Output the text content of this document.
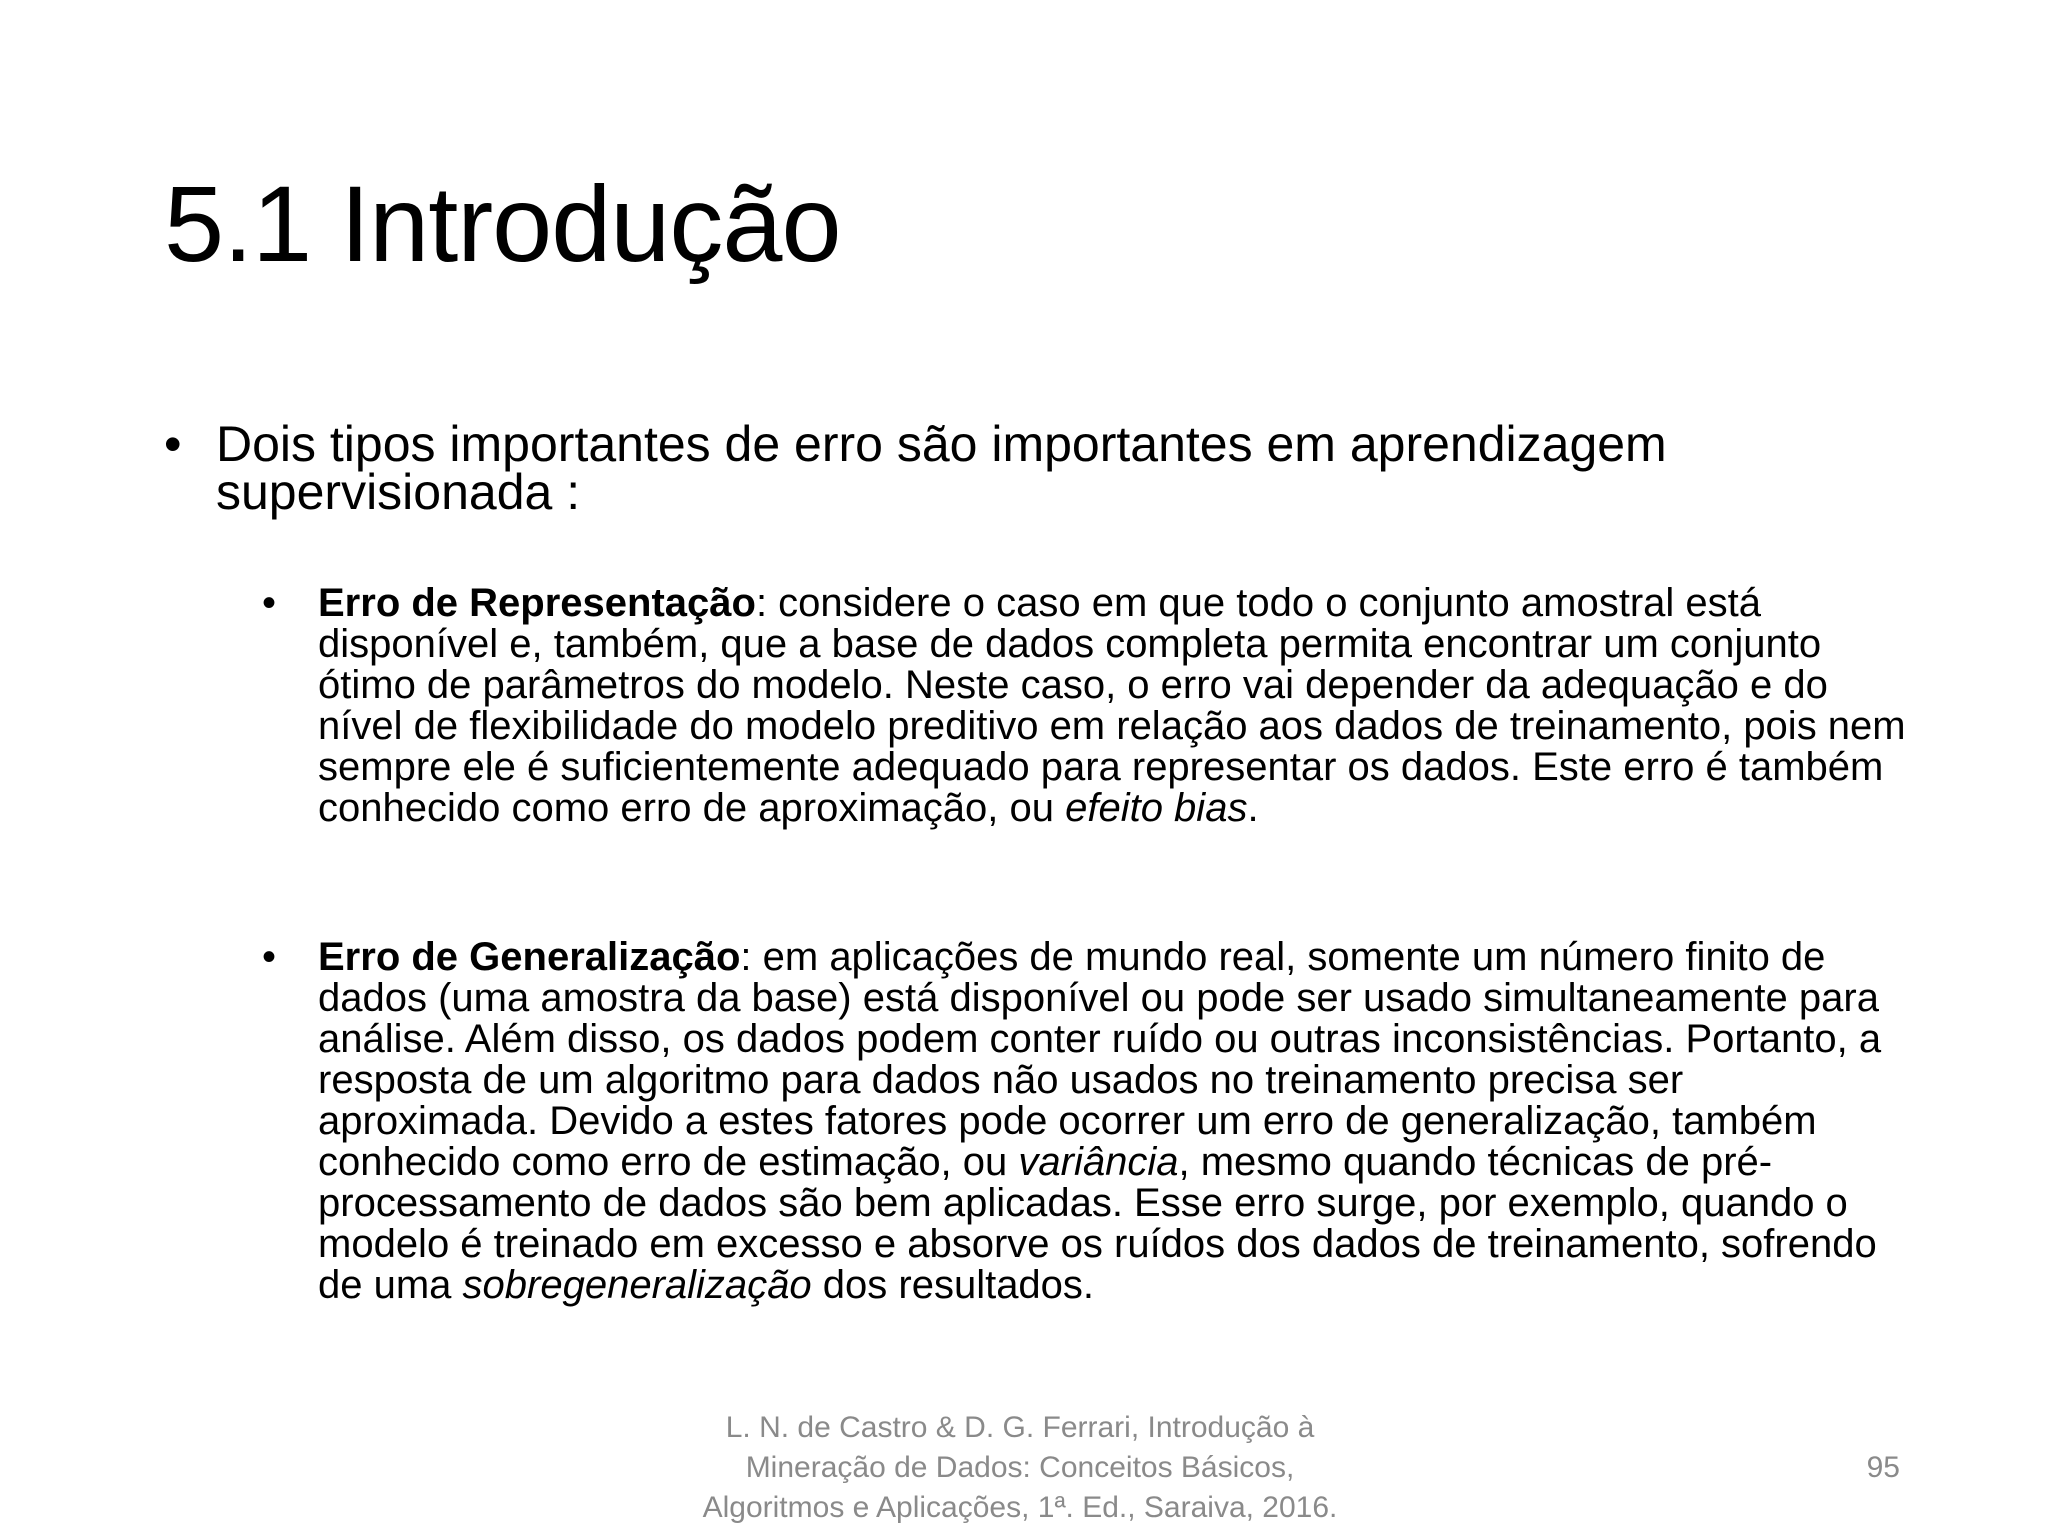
5.1 Introdução
• Dois tipos importantes de erro são importantes em aprendizagem supervisionada :
•	Erro de Representação: considere o caso em que todo o conjunto amostral está disponível e, também, que a base de dados completa permita encontrar um conjunto ótimo de parâmetros do modelo. Neste caso, o erro vai depender da adequação e do nível de flexibilidade do modelo preditivo em relação aos dados de treinamento, pois nem sempre ele é suficientemente adequado para representar os dados. Este erro é também conhecido como erro de aproximação, ou efeito bias.
•	Erro de Generalização: em aplicações de mundo real, somente um número finito de dados (uma amostra da base) está disponível ou pode ser usado simultaneamente para análise. Além disso, os dados podem conter ruído ou outras inconsistências. Portanto, a resposta de um algoritmo para dados não usados no treinamento precisa ser aproximada. Devido a estes fatores pode ocorrer um erro de generalização, também conhecido como erro de estimação, ou variância, mesmo quando técnicas de pré-processamento de dados são bem aplicadas. Esse erro surge, por exemplo, quando o modelo é treinado em excesso e absorve os ruídos dos dados de treinamento, sofrendo de uma sobregeneralização dos resultados.
L. N. de Castro & D. G. Ferrari, Introdução à
Mineração de Dados: Conceitos Básicos,
Algoritmos e Aplicações, 1ª. Ed., Saraiva, 2016.
95
